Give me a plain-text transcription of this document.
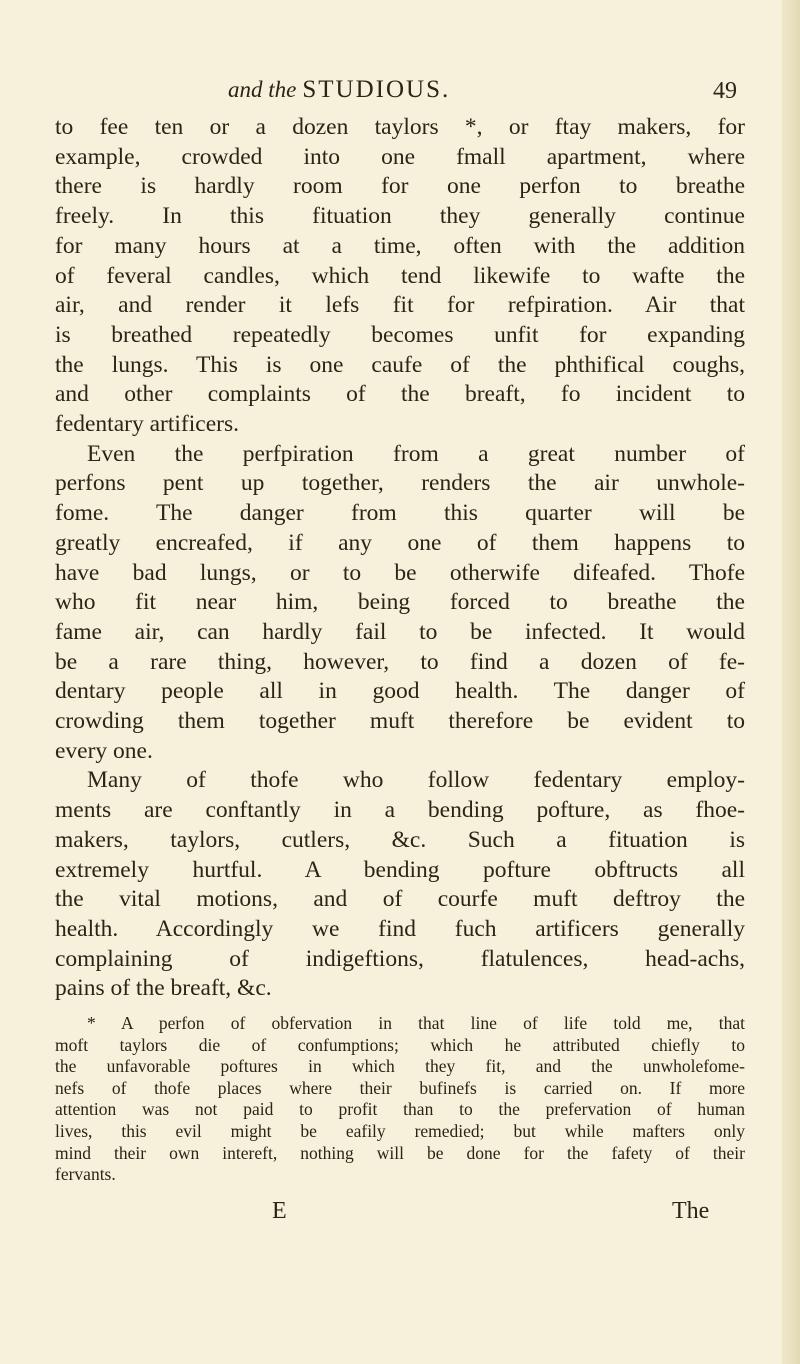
and the STUDIOUS.	49
to fee ten or a dozen taylors *, or ftay makers, for
example, crowded into one fmall apartment, where
there is hardly room for one perfon to breathe
freely. In this fituation they generally continue
for many hours at a time, often with the addition
of feveral candles, which tend likewife to wafte the
air, and render it lefs fit for refpiration. Air that
is breathed repeatedly becomes unfit for expanding
the lungs. This is one caufe of the phthifical coughs,
and other complaints of the breaft, fo incident to
fedentary artificers.
Even the perfpiration from a great number of
perfons pent up together, renders the air unwhole-
fome. The danger from this quarter will be
greatly encreafed, if any one of them happens to
have bad lungs, or to be otherwife difeafed. Thofe
who fit near him, being forced to breathe the
fame air, can hardly fail to be infected. It would
be a rare thing, however, to find a dozen of fe-
dentary people all in good health. The danger of
crowding them together muft therefore be evident to
every one.
Many of thofe who follow fedentary employ-
ments are conftantly in a bending pofture, as fhoe-
makers, taylors, cutlers, &c. Such a fituation is
extremely hurtful. A bending pofture obftructs all
the vital motions, and of courfe muft deftroy the
health. Accordingly we find fuch artificers generally
complaining of indigeftions, flatulences, head-achs,
pains of the breaft, &c.
* A perfon of obfervation in that line of life told me, that
moft taylors die of confumptions; which he attributed chiefly to
the unfavorable poftures in which they fit, and the unwholefome-
nefs of thofe places where their bufinefs is carried on. If more
attention was not paid to profit than to the prefervation of human
lives, this evil might be eafily remedied; but while mafters only
mind their own intereft, nothing will be done for the fafety of their
fervants.
E	The
